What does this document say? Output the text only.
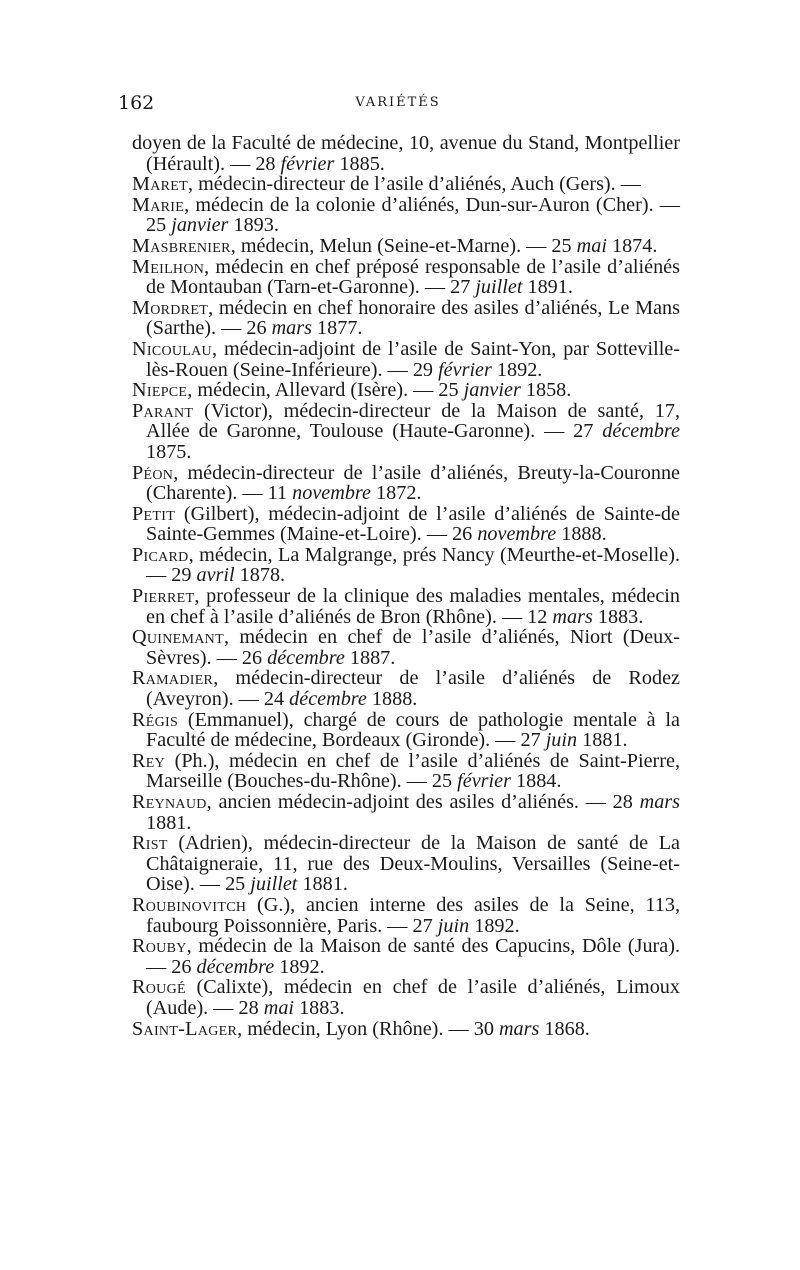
162	VARIÉTÉS

doyen de la Faculté de médecine, 10, avenue du Stand, Montpellier (Hérault). — 28 février 1885.

Maret, médecin-directeur de l’asile d’aliénés, Auch (Gers). —

Marie, médecin de la colonie d’aliénés, Dun-sur-Auron (Cher). — 25 janvier 1893.

Masbrenier, médecin, Melun (Seine-et-Marne). — 25 mai 1874.

Meilhon, médecin en chef préposé responsable de l’asile d’aliénés de Montauban (Tarn-et-Garonne). — 27 juillet 1891.

Mordret, médecin en chef honoraire des asiles d’aliénés, Le Mans (Sarthe). — 26 mars 1877.

Nicoulau, médecin-adjoint de l’asile de Saint-Yon, par Sotteville-lès-Rouen (Seine-Inférieure). — 29 février 1892.

Niepce, médecin, Allevard (Isère). — 25 janvier 1858.

Parant (Victor), médecin-directeur de la Maison de santé, 17, Allée de Garonne, Toulouse (Haute-Garonne). — 27 décembre 1875.

Péon, médecin-directeur de l’asile d’aliénés, Breuty-la-Couronne (Charente). — 11 novembre 1872.

Petit (Gilbert), médecin-adjoint de l’asile d’aliénés de Sainte-de Sainte-Gemmes (Maine-et-Loire). — 26 novembre 1888.

Picard, médecin, La Malgrange, prés Nancy (Meurthe-et-Moselle). — 29 avril 1878.

Pierret, professeur de la clinique des maladies mentales, médecin en chef à l’asile d’aliénés de Bron (Rhône). — 12 mars 1883.

Quinemant, médecin en chef de l’asile d’aliénés, Niort (Deux-Sèvres). — 26 décembre 1887.

Ramadier, médecin-directeur de l’asile d’aliénés de Rodez (Aveyron). — 24 décembre 1888.

Régis (Emmanuel), chargé de cours de pathologie mentale à la Faculté de médecine, Bordeaux (Gironde). — 27 juin 1881.

Rey (Ph.), médecin en chef de l’asile d’aliénés de Saint-Pierre, Marseille (Bouches-du-Rhône). — 25 février 1884.

Reynaud, ancien médecin-adjoint des asiles d’aliénés. — 28 mars 1881.

Rist (Adrien), médecin-directeur de la Maison de santé de La Châtaigneraie, 11, rue des Deux-Moulins, Versailles (Seine-et-Oise). — 25 juillet 1881.

Roubinovitch (G.), ancien interne des asiles de la Seine, 113, faubourg Poissonnière, Paris. — 27 juin 1892.

Rouby, médecin de la Maison de santé des Capucins, Dôle (Jura). — 26 décembre 1892.

Rougé (Calixte), médecin en chef de l’asile d’aliénés, Limoux (Aude). — 28 mai 1883.

Saint-Lager, médecin, Lyon (Rhône). — 30 mars 1868.
